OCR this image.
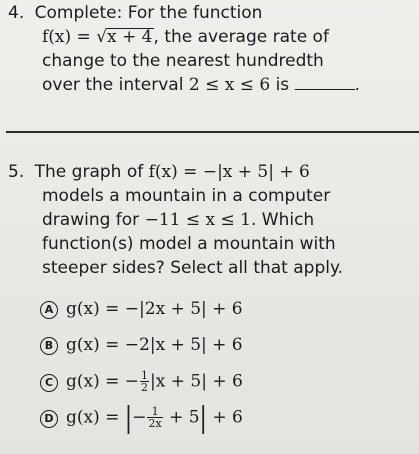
4. Complete: For the function
f(x) = √x + 4, the average rate of
change to the nearest hundredth
over the interval 2 ≤ x ≤ 6 is	.
5. The graph of f(x) = −|x + 5| + 6
models a mountain in a computer
drawing for −11 ≤ x ≤ 1. Which
function(s) model a mountain with
steeper sides? Select all that apply.
A g(x) = −|2x + 5| + 6
B g(x) = −2|x + 5| + 6
C g(x) = − $\frac{1}{2} |x + 5| + 6$
D g(x) = |− $\frac{1}{2x} + 5| + 6$
